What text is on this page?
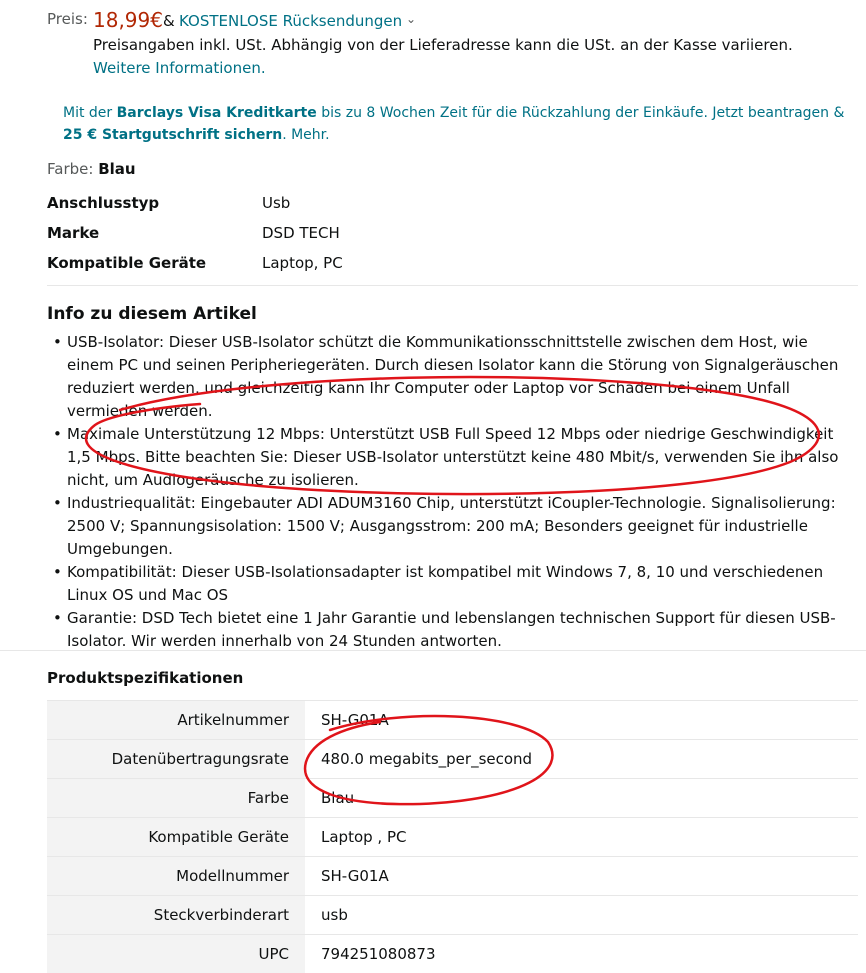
Preis: 18,99€ & KOSTENLOSE Rücksendungen ⌄
Preisangaben inkl. USt. Abhängig von der Lieferadresse kann die USt. an der Kasse variieren. Weitere Informationen.
Mit der Barclays Visa Kreditkarte bis zu 8 Wochen Zeit für die Rückzahlung der Einkäufe. Jetzt beantragen & 25 € Startgutschrift sichern. Mehr.
Farbe: Blau
Anschlusstyp	Usb
Marke	DSD TECH
Kompatible Geräte	Laptop, PC
Info zu diesem Artikel
• USB-Isolator: Dieser USB-Isolator schützt die Kommunikationsschnittstelle zwischen dem Host, wie einem PC und seinen Peripheriegeräten. Durch diesen Isolator kann die Störung von Signalgeräuschen reduziert werden, und gleichzeitig kann Ihr Computer oder Laptop vor Schäden bei einem Unfall vermieden werden.
• Maximale Unterstützung 12 Mbps: Unterstützt USB Full Speed 12 Mbps oder niedrige Geschwindigkeit 1,5 Mbps. Bitte beachten Sie: Dieser USB-Isolator unterstützt keine 480 Mbit/s, verwenden Sie ihn also nicht, um Audiogeräusche zu isolieren.
• Industriequalität: Eingebauter ADI ADUM3160 Chip, unterstützt iCoupler-Technologie. Signalisolierung: 2500 V; Spannungsisolation: 1500 V; Ausgangsstrom: 200 mA; Besonders geeignet für industrielle Umgebungen.
• Kompatibilität: Dieser USB-Isolationsadapter ist kompatibel mit Windows 7, 8, 10 und verschiedenen Linux OS und Mac OS
• Garantie: DSD Tech bietet eine 1 Jahr Garantie und lebenslangen technischen Support für diesen USB-Isolator. Wir werden innerhalb von 24 Stunden antworten.
Produktspezifikationen
Artikelnummer	SH-G01A
Datenübertragungsrate	480.0 megabits_per_second
Farbe	Blau
Kompatible Geräte	Laptop , PC
Modellnummer	SH-G01A
Steckverbinderart	usb
UPC	794251080873
